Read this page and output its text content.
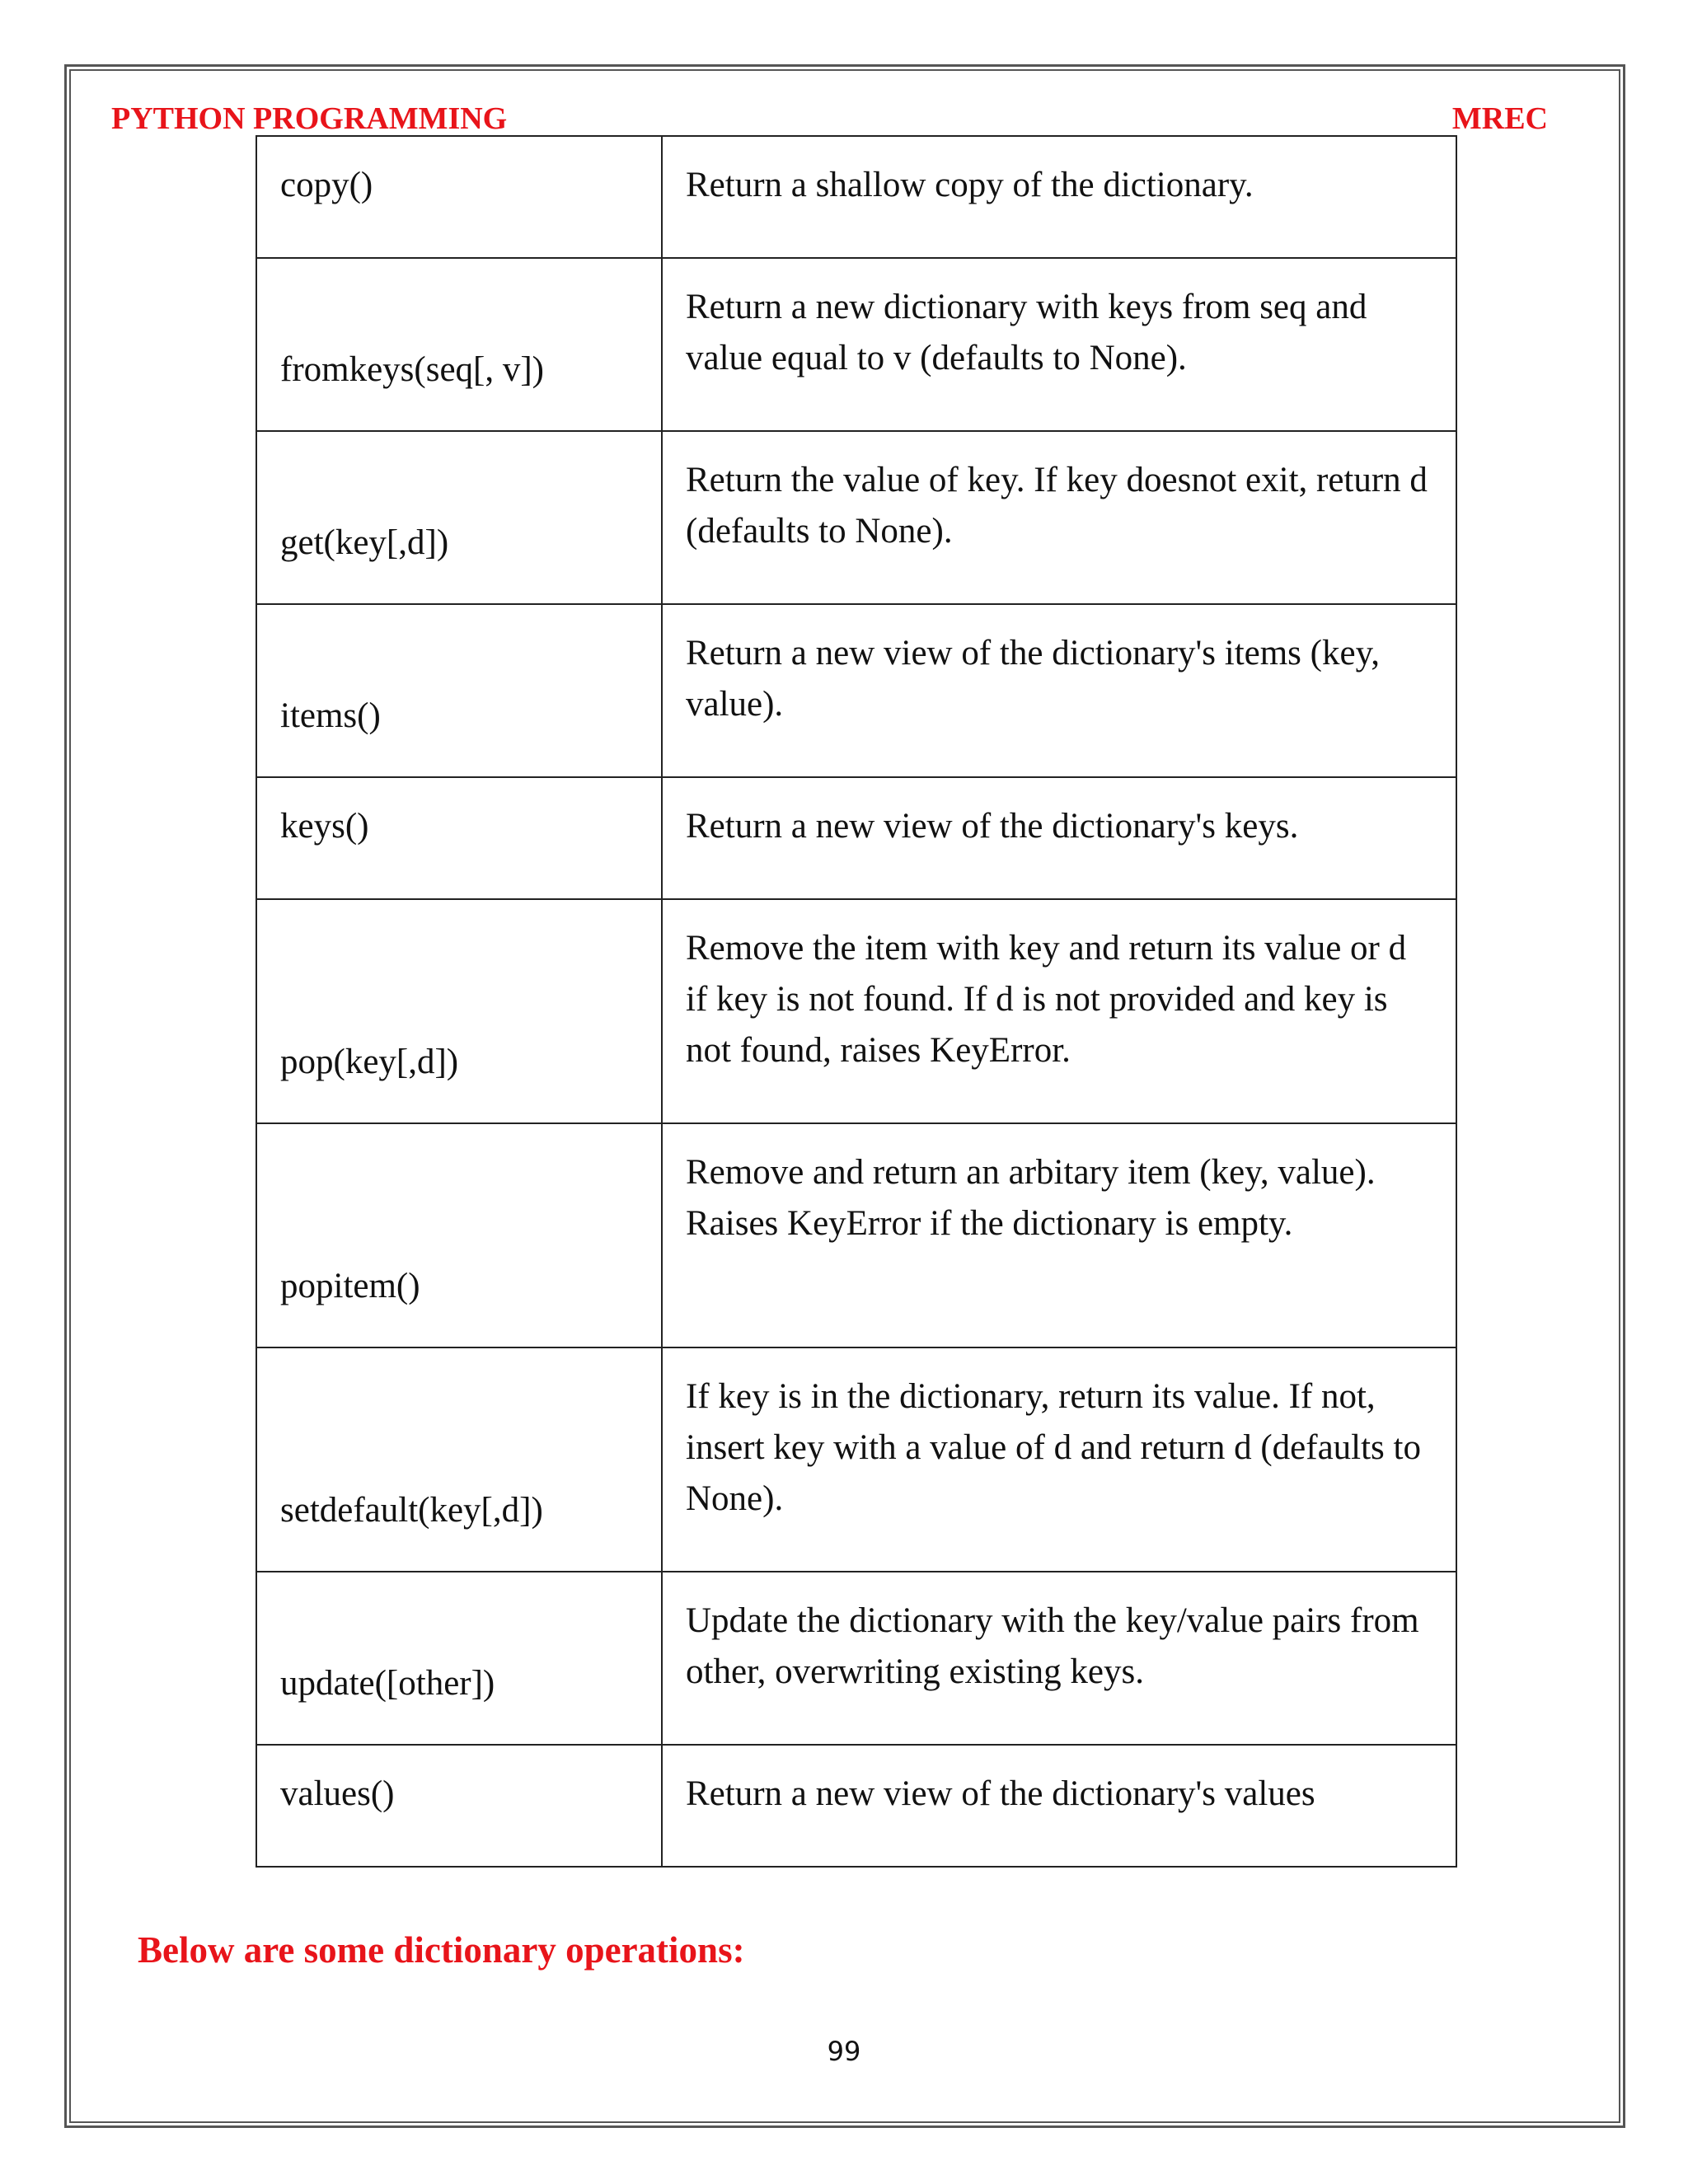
PYTHON PROGRAMMING	MREC
copy()	Return a shallow copy of the dictionary.

fromkeys(seq[, v])	Return a new dictionary with keys from seq and value equal to v (defaults to None).

get(key[,d])	Return the value of key. If key doesnot exit, return d (defaults to None).

items()	Return a new view of the dictionary's items (key, value).

keys()	Return a new view of the dictionary's keys.

pop(key[,d])	Remove the item with key and return its value or d if key is not found. If d is not provided and key is not found, raises KeyError.

popitem()	Remove and return an arbitary item (key, value). Raises KeyError if the dictionary is empty.

setdefault(key[,d])	If key is in the dictionary, return its value. If not, insert key with a value of d and return d (defaults to None).

update([other])	Update the dictionary with the key/value pairs from other, overwriting existing keys.

values()	Return a new view of the dictionary's values
Below are some dictionary operations:
99
